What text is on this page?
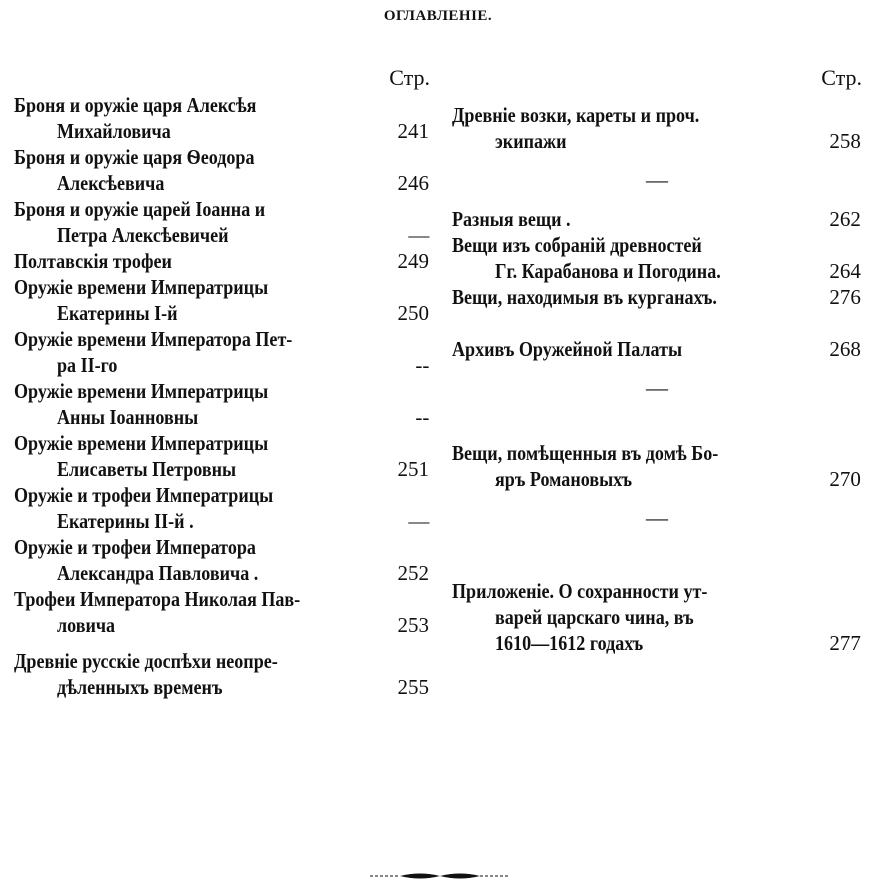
ОГЛАВЛЕНІЕ.
Стр.
Броня и оружіе царя Алексѣя
Михайловича	241
Броня и оружіе царя Ѳеодора
Алексѣевича	246
Броня и оружіе царей Іоанна и
Петра Алексѣевичей	—
Полтавскія трофеи	249
Оружіе времени Императрицы
Екатерины I-й	250
Оружіе времени Императора Пет-
ра II-го	--
Оружіе времени Императрицы
Анны Іоанновны	--
Оружіе времени Императрицы
Елисаветы Петровны	251
Оружіе и трофеи Императрицы
Екатерины II-й .	—
Оружіе и трофеи Императора
Александра Павловича .	252
Трофеи Императора Николая Пав-
ловича	253
Древніе русскіе доспѣхи неопре-
дѣленныхъ временъ	255
Стр.
Древніе возки, кареты и проч.
экипажи	258
—
Разныя вещи .	262
Вещи изъ собраній древностей
Гг. Карабанова и Погодина.	264
Вещи, находимыя въ курганахъ.	276
Архивъ Оружейной Палаты	268
—
Вещи, помѣщенныя въ домѣ Бо-
яръ Романовыхъ	270
—
Приложеніе. О сохранности ут-
варей царскаго чина, въ
1610—1612 годахъ	277
